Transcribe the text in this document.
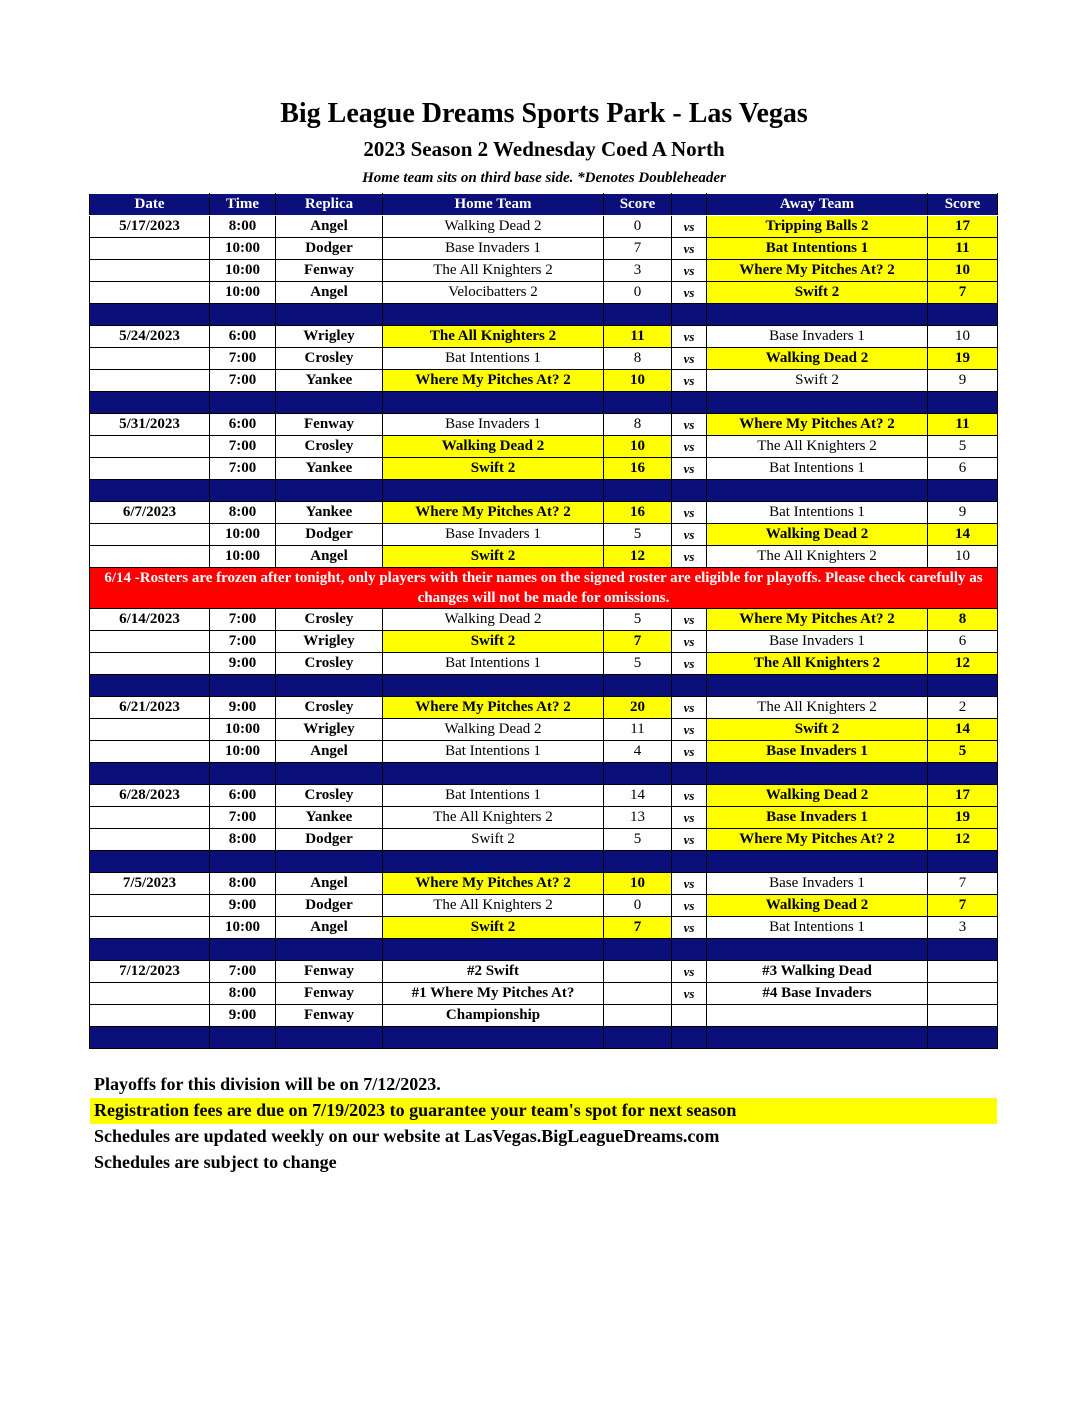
Big League Dreams Sports Park - Las Vegas
2023 Season 2 Wednesday Coed A North
Home team sits on third base side. *Denotes Doubleheader
Date	Time	Replica	Home Team	Score		Away Team	Score
5/17/2023	8:00	Angel	Walking Dead 2	0	vs	Tripping Balls 2	17
	10:00	Dodger	Base Invaders 1	7	vs	Bat Intentions 1	11
	10:00	Fenway	The All Knighters 2	3	vs	Where My Pitches At? 2	10
	10:00	Angel	Velocibatters 2	0	vs	Swift 2	7

5/24/2023	6:00	Wrigley	The All Knighters 2	11	vs	Base Invaders 1	10
	7:00	Crosley	Bat Intentions 1	8	vs	Walking Dead 2	19
	7:00	Yankee	Where My Pitches At? 2	10	vs	Swift 2	9

5/31/2023	6:00	Fenway	Base Invaders 1	8	vs	Where My Pitches At? 2	11
	7:00	Crosley	Walking Dead 2	10	vs	The All Knighters 2	5
	7:00	Yankee	Swift 2	16	vs	Bat Intentions 1	6

6/7/2023	8:00	Yankee	Where My Pitches At? 2	16	vs	Bat Intentions 1	9
	10:00	Dodger	Base Invaders 1	5	vs	Walking Dead 2	14
	10:00	Angel	Swift 2	12	vs	The All Knighters 2	10
6/14 -Rosters are frozen after tonight, only players with their names on the signed roster are eligible for playoffs. Please check carefully as changes will not be made for omissions.							
6/14/2023	7:00	Crosley	Walking Dead 2	5	vs	Where My Pitches At? 2	8
	7:00	Wrigley	Swift 2	7	vs	Base Invaders 1	6
	9:00	Crosley	Bat Intentions 1	5	vs	The All Knighters 2	12

6/21/2023	9:00	Crosley	Where My Pitches At? 2	20	vs	The All Knighters 2	2
	10:00	Wrigley	Walking Dead 2	11	vs	Swift 2	14
	10:00	Angel	Bat Intentions 1	4	vs	Base Invaders 1	5

6/28/2023	6:00	Crosley	Bat Intentions 1	14	vs	Walking Dead 2	17
	7:00	Yankee	The All Knighters 2	13	vs	Base Invaders 1	19
	8:00	Dodger	Swift 2	5	vs	Where My Pitches At? 2	12

7/5/2023	8:00	Angel	Where My Pitches At? 2	10	vs	Base Invaders 1	7
	9:00	Dodger	The All Knighters 2	0	vs	Walking Dead 2	7
	10:00	Angel	Swift 2	7	vs	Bat Intentions 1	3

7/12/2023	7:00	Fenway	#2 Swift		vs	#3 Walking Dead	
	8:00	Fenway	#1 Where My Pitches At?		vs	#4 Base Invaders	
	9:00	Fenway	Championship				

Playoffs for this division will be on 7/12/2023.
Registration fees are due on 7/19/2023 to guarantee your team's spot for next season
Schedules are updated weekly on our website at LasVegas.BigLeagueDreams.com
Schedules are subject to change
